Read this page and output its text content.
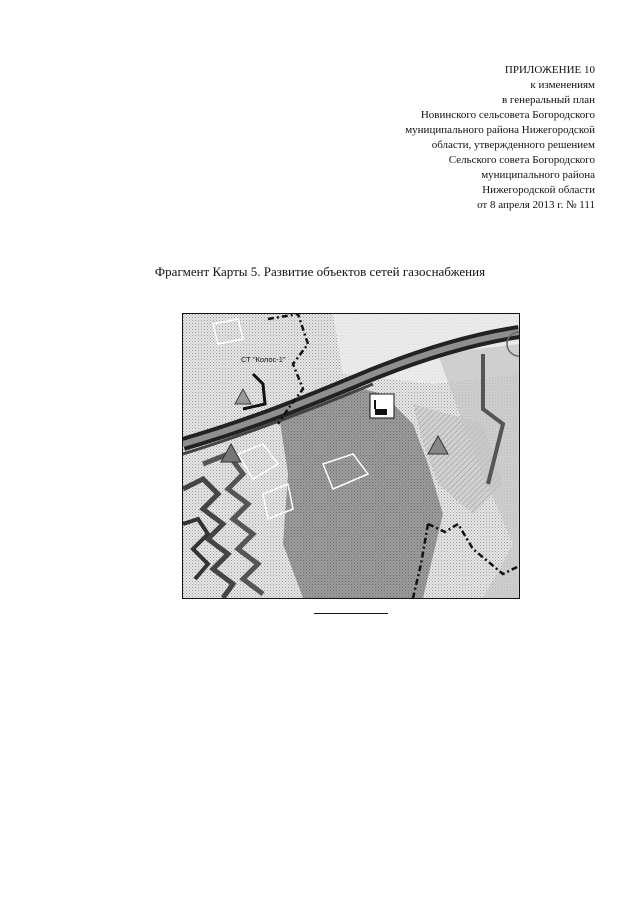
ПРИЛОЖЕНИЕ 10
к изменениям
в генеральный план
Новинского сельсовета Богородского
муниципального района Нижегородской
области, утвержденного решением
Сельского совета Богородского
муниципального района
Нижегородской области
от 8 апреля 2013 г. № 111
Фрагмент Карты 5. Развитие объектов сетей газоснабжения
СТ "Колос-1"
